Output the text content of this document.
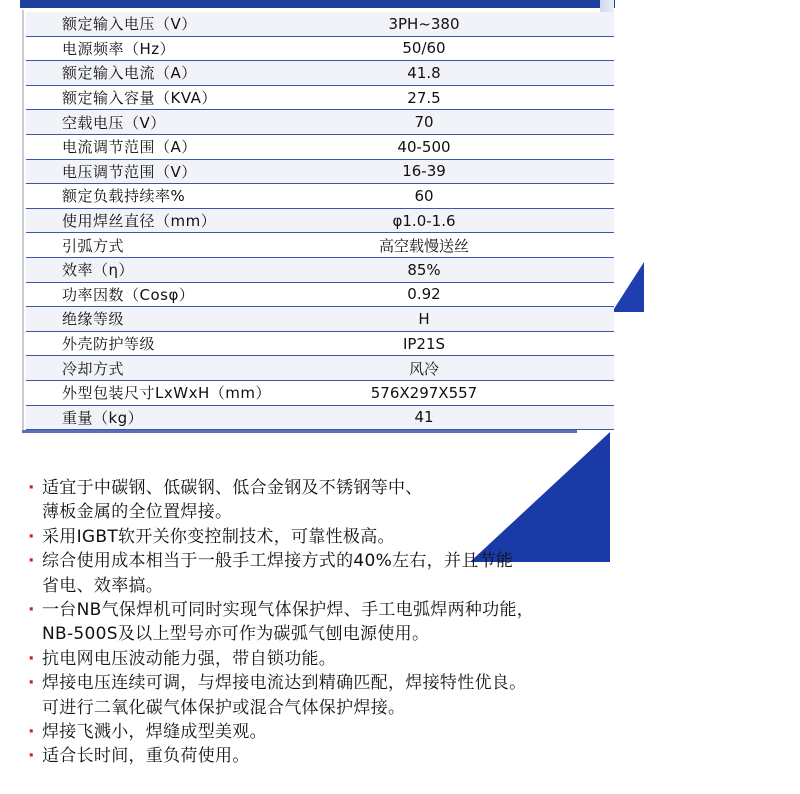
额定输入电压（V）	3PH~380
电源频率（Hz）	50/60
额定输入电流（A）	41.8
额定输入容量（KVA）	27.5
空载电压（V）	70
电流调节范围（A）	40-500
电压调节范围（V）	16-39
额定负载持续率%	60
使用焊丝直径（mm）	φ1.0-1.6
引弧方式	高空载慢送丝
效率（η）	85%
功率因数（Cosφ）	0.92
绝缘等级	H
外壳防护等级	IP21S
冷却方式	风冷
外型包装尺寸LxWxH（mm）	576X297X557
重量（kg）	41
· 适宜于中碳钢、低碳钢、低合金钢及不锈钢等中、
薄板金属的全位置焊接。
· 采用IGBT软开关你变控制技术，可靠性极高。
· 综合使用成本相当于一般手工焊接方式的40%左右，并且节能
省电、效率搞。
· 一台NB气保焊机可同时实现气体保护焊、手工电弧焊两种功能，
NB-500S及以上型号亦可作为碳弧气刨电源使用。
· 抗电网电压波动能力强，带自锁功能。
· 焊接电压连续可调，与焊接电流达到精确匹配，焊接特性优良。
可进行二氧化碳气体保护或混合气体保护焊接。
· 焊接飞溅小，焊缝成型美观。
· 适合长时间，重负荷使用。
